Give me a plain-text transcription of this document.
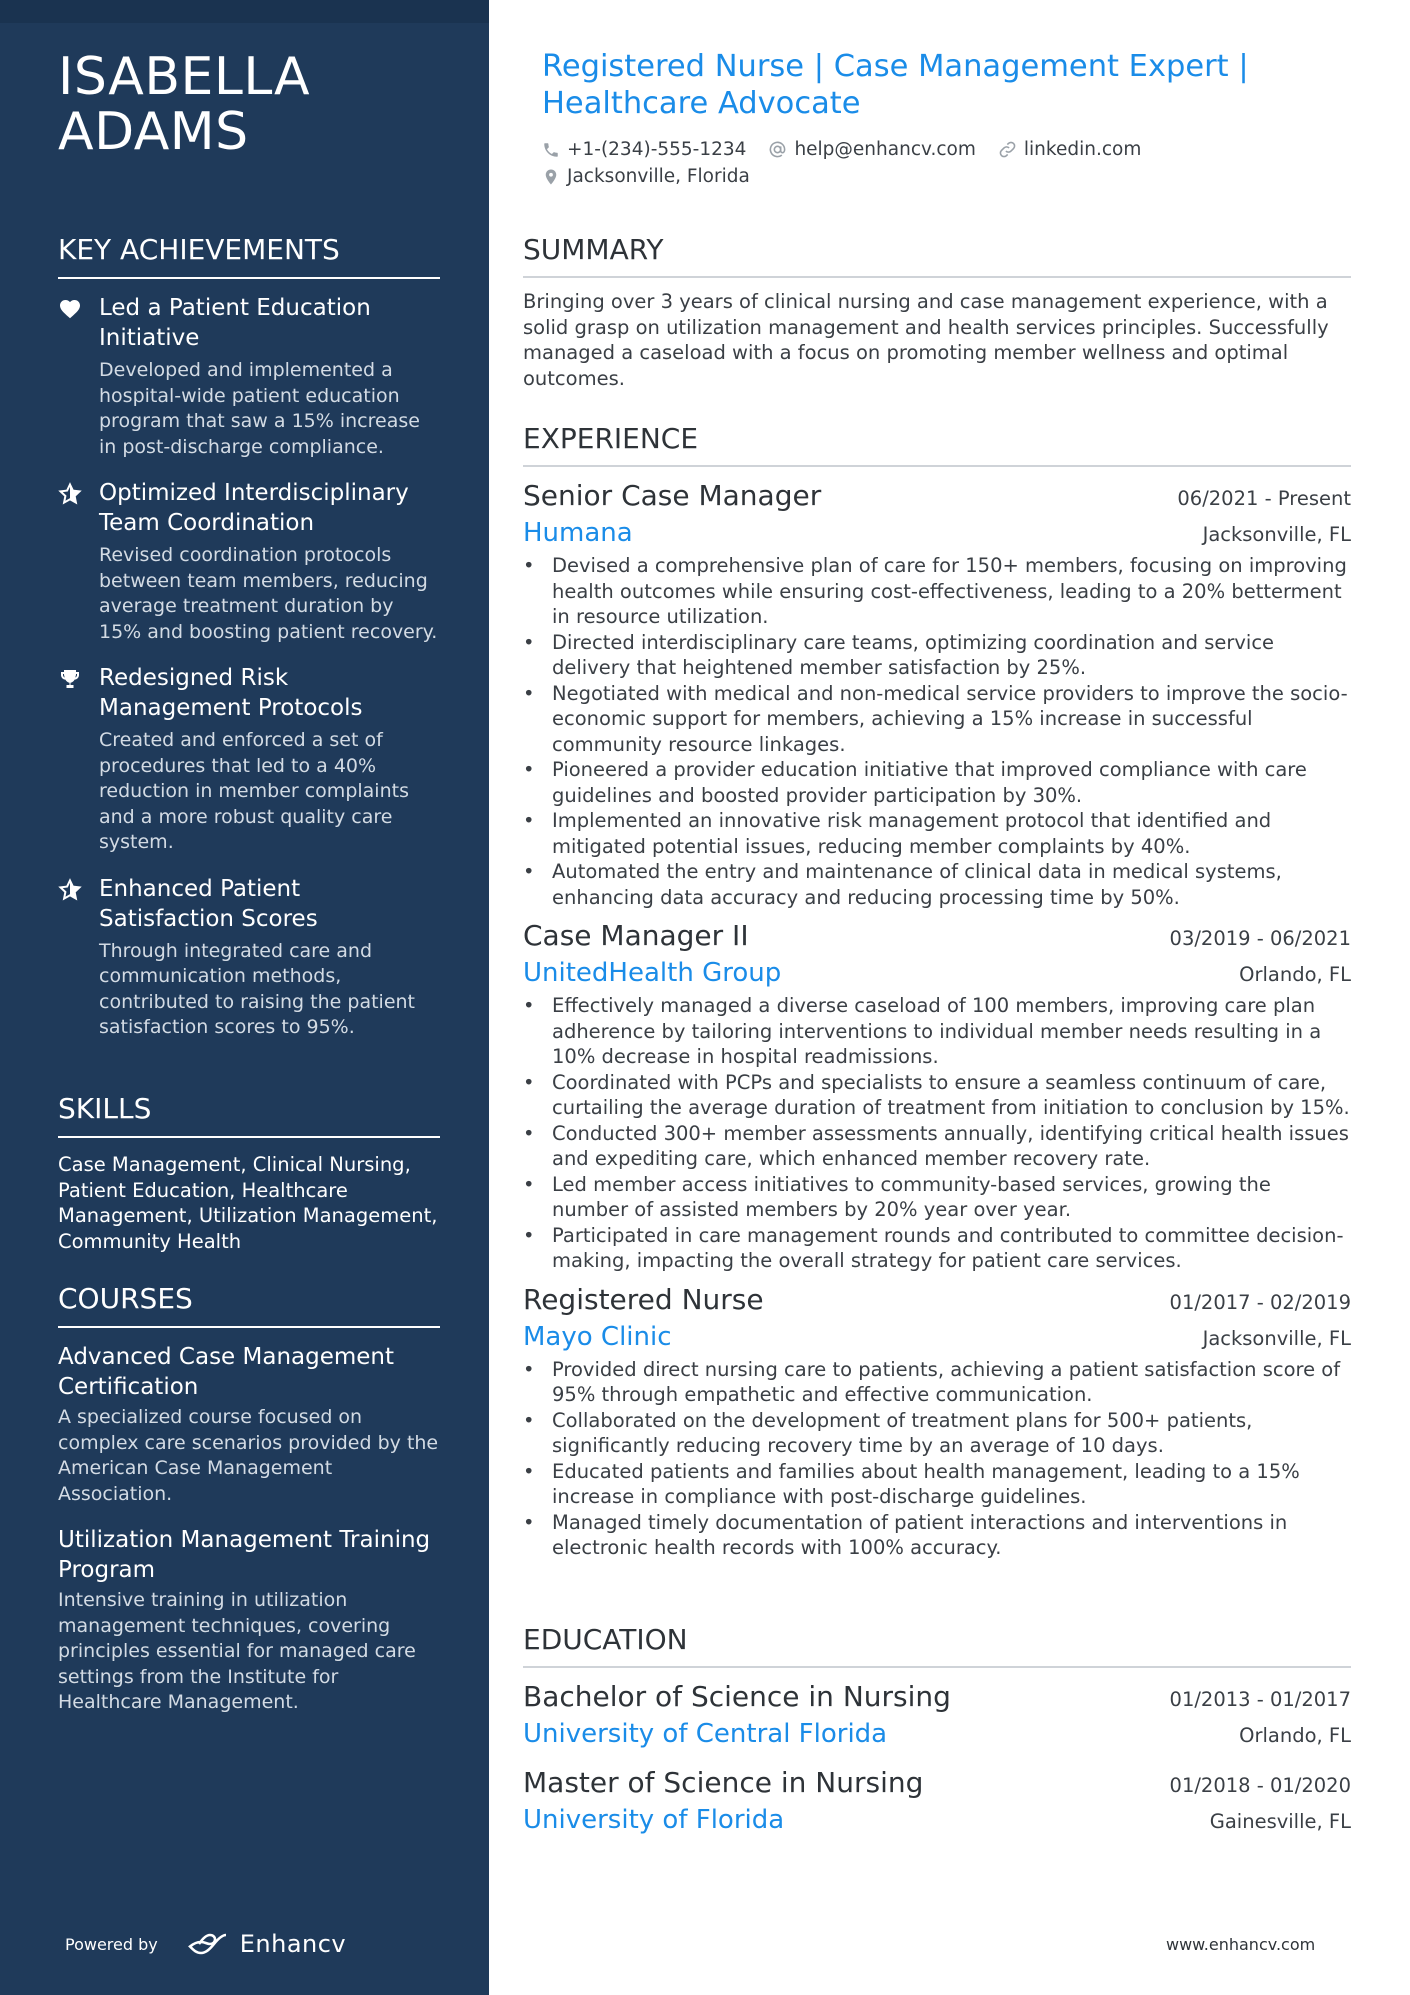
ISABELLA ADAMS
KEY ACHIEVEMENTS
Led a Patient Education Initiative
Developed and implemented a hospital-wide patient education program that saw a 15% increase in post-discharge compliance.
Optimized Interdisciplinary Team Coordination
Revised coordination protocols between team members, reducing average treatment duration by 15% and boosting patient recovery.
Redesigned Risk Management Protocols
Created and enforced a set of procedures that led to a 40% reduction in member complaints and a more robust quality care system.
Enhanced Patient Satisfaction Scores
Through integrated care and communication methods, contributed to raising the patient satisfaction scores to 95%.
SKILLS
Case Management, Clinical Nursing, Patient Education, Healthcare Management, Utilization Management, Community Health
COURSES
Advanced Case Management Certification
A specialized course focused on complex care scenarios provided by the American Case Management Association.
Utilization Management Training Program
Intensive training in utilization management techniques, covering principles essential for managed care settings from the Institute for Healthcare Management.
Powered by	Enhancv
Registered Nurse | Case Management Expert | Healthcare Advocate
+1-(234)-555-1234	help@enhancv.com	linkedin.com
Jacksonville, Florida
SUMMARY
Bringing over 3 years of clinical nursing and case management experience, with a solid grasp on utilization management and health services principles. Successfully managed a caseload with a focus on promoting member wellness and optimal outcomes.
EXPERIENCE
Senior Case Manager	06/2021 - Present
Humana	Jacksonville, FL
• Devised a comprehensive plan of care for 150+ members, focusing on improving health outcomes while ensuring cost-effectiveness, leading to a 20% betterment in resource utilization.
• Directed interdisciplinary care teams, optimizing coordination and service delivery that heightened member satisfaction by 25%.
• Negotiated with medical and non-medical service providers to improve the socio-economic support for members, achieving a 15% increase in successful community resource linkages.
• Pioneered a provider education initiative that improved compliance with care guidelines and boosted provider participation by 30%.
• Implemented an innovative risk management protocol that identified and mitigated potential issues, reducing member complaints by 40%.
• Automated the entry and maintenance of clinical data in medical systems, enhancing data accuracy and reducing processing time by 50%.
Case Manager II	03/2019 - 06/2021
UnitedHealth Group	Orlando, FL
• Effectively managed a diverse caseload of 100 members, improving care plan adherence by tailoring interventions to individual member needs resulting in a 10% decrease in hospital readmissions.
• Coordinated with PCPs and specialists to ensure a seamless continuum of care, curtailing the average duration of treatment from initiation to conclusion by 15%.
• Conducted 300+ member assessments annually, identifying critical health issues and expediting care, which enhanced member recovery rate.
• Led member access initiatives to community-based services, growing the number of assisted members by 20% year over year.
• Participated in care management rounds and contributed to committee decision-making, impacting the overall strategy for patient care services.
Registered Nurse	01/2017 - 02/2019
Mayo Clinic	Jacksonville, FL
• Provided direct nursing care to patients, achieving a patient satisfaction score of 95% through empathetic and effective communication.
• Collaborated on the development of treatment plans for 500+ patients, significantly reducing recovery time by an average of 10 days.
• Educated patients and families about health management, leading to a 15% increase in compliance with post-discharge guidelines.
• Managed timely documentation of patient interactions and interventions in electronic health records with 100% accuracy.
EDUCATION
Bachelor of Science in Nursing	01/2013 - 01/2017
University of Central Florida	Orlando, FL
Master of Science in Nursing	01/2018 - 01/2020
University of Florida	Gainesville, FL
www.enhancv.com
